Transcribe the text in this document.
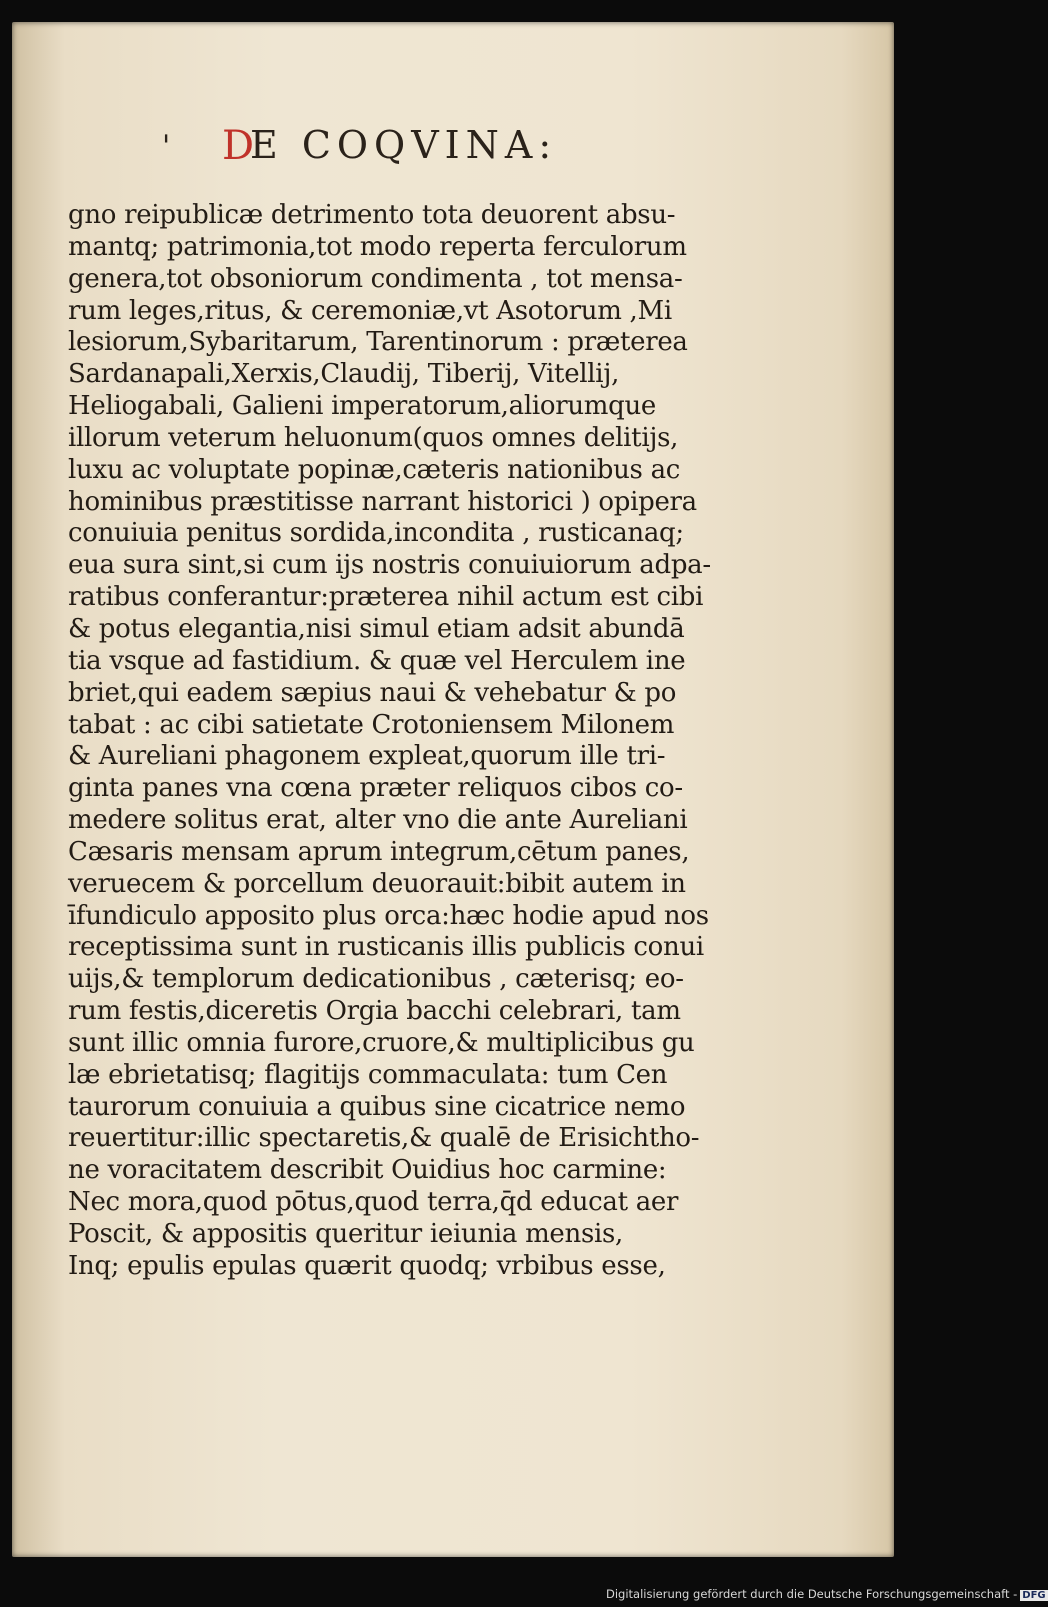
' D
E COQVINA:
gno reipublicæ detrimento tota deuorent absu-
mantq; patrimonia,tot modo reperta ferculorum
genera,tot obsoniorum condimenta , tot mensa-
rum leges,ritus, & ceremoniæ,vt Asotorum ,Mi
lesiorum,Sybaritarum, Tarentinorum : præterea
Sardanapali,Xerxis,Claudij, Tiberij, Vitellij,
Heliogabali, Galieni imperatorum,aliorumque
illorum veterum heluonum(quos omnes delitijs,
luxu ac voluptate popinæ,cæteris nationibus ac
hominibus præstitisse narrant historici ) opipera
conuiuia penitus sordida,incondita , rusticanaq;
eua sura sint,si cum ijs nostris conuiuiorum adpa-
ratibus conferantur:præterea nihil actum est cibi
& potus elegantia,nisi simul etiam adsit abundā
tia vsque ad fastidium. & quæ vel Herculem ine
briet,qui eadem sæpius naui & vehebatur & po
tabat : ac cibi satietate Crotoniensem Milonem
& Aureliani phagonem expleat,quorum ille tri-
ginta panes vna cœna præter reliquos cibos co-
medere solitus erat, alter vno die ante Aureliani
Cæsaris mensam aprum integrum,cētum panes,
veruecem & porcellum deuorauit:bibit autem in
īfundiculo apposito plus orca:hæc hodie apud nos
receptissima sunt in rusticanis illis publicis conui
uijs,& templorum dedicationibus , cæterisq; eo-
rum festis,diceretis Orgia bacchi celebrari, tam
sunt illic omnia furore,cruore,& multiplicibus gu
læ ebrietatisq; flagitijs commaculata: tum Cen
taurorum conuiuia a quibus sine cicatrice nemo
reuertitur:illic spectaretis,& qualē de Erisichtho-
ne voracitatem describit Ouidius hoc carmine:
Nec mora,quod pōtus,quod terra,q̄d educat aer
Poscit, & appositis queritur ieiunia mensis,
Inq; epulis epulas quærit quodq; vrbibus esse,
Digitalisierung gefördert durch die Deutsche Forschungsgemeinschaft - DFG
